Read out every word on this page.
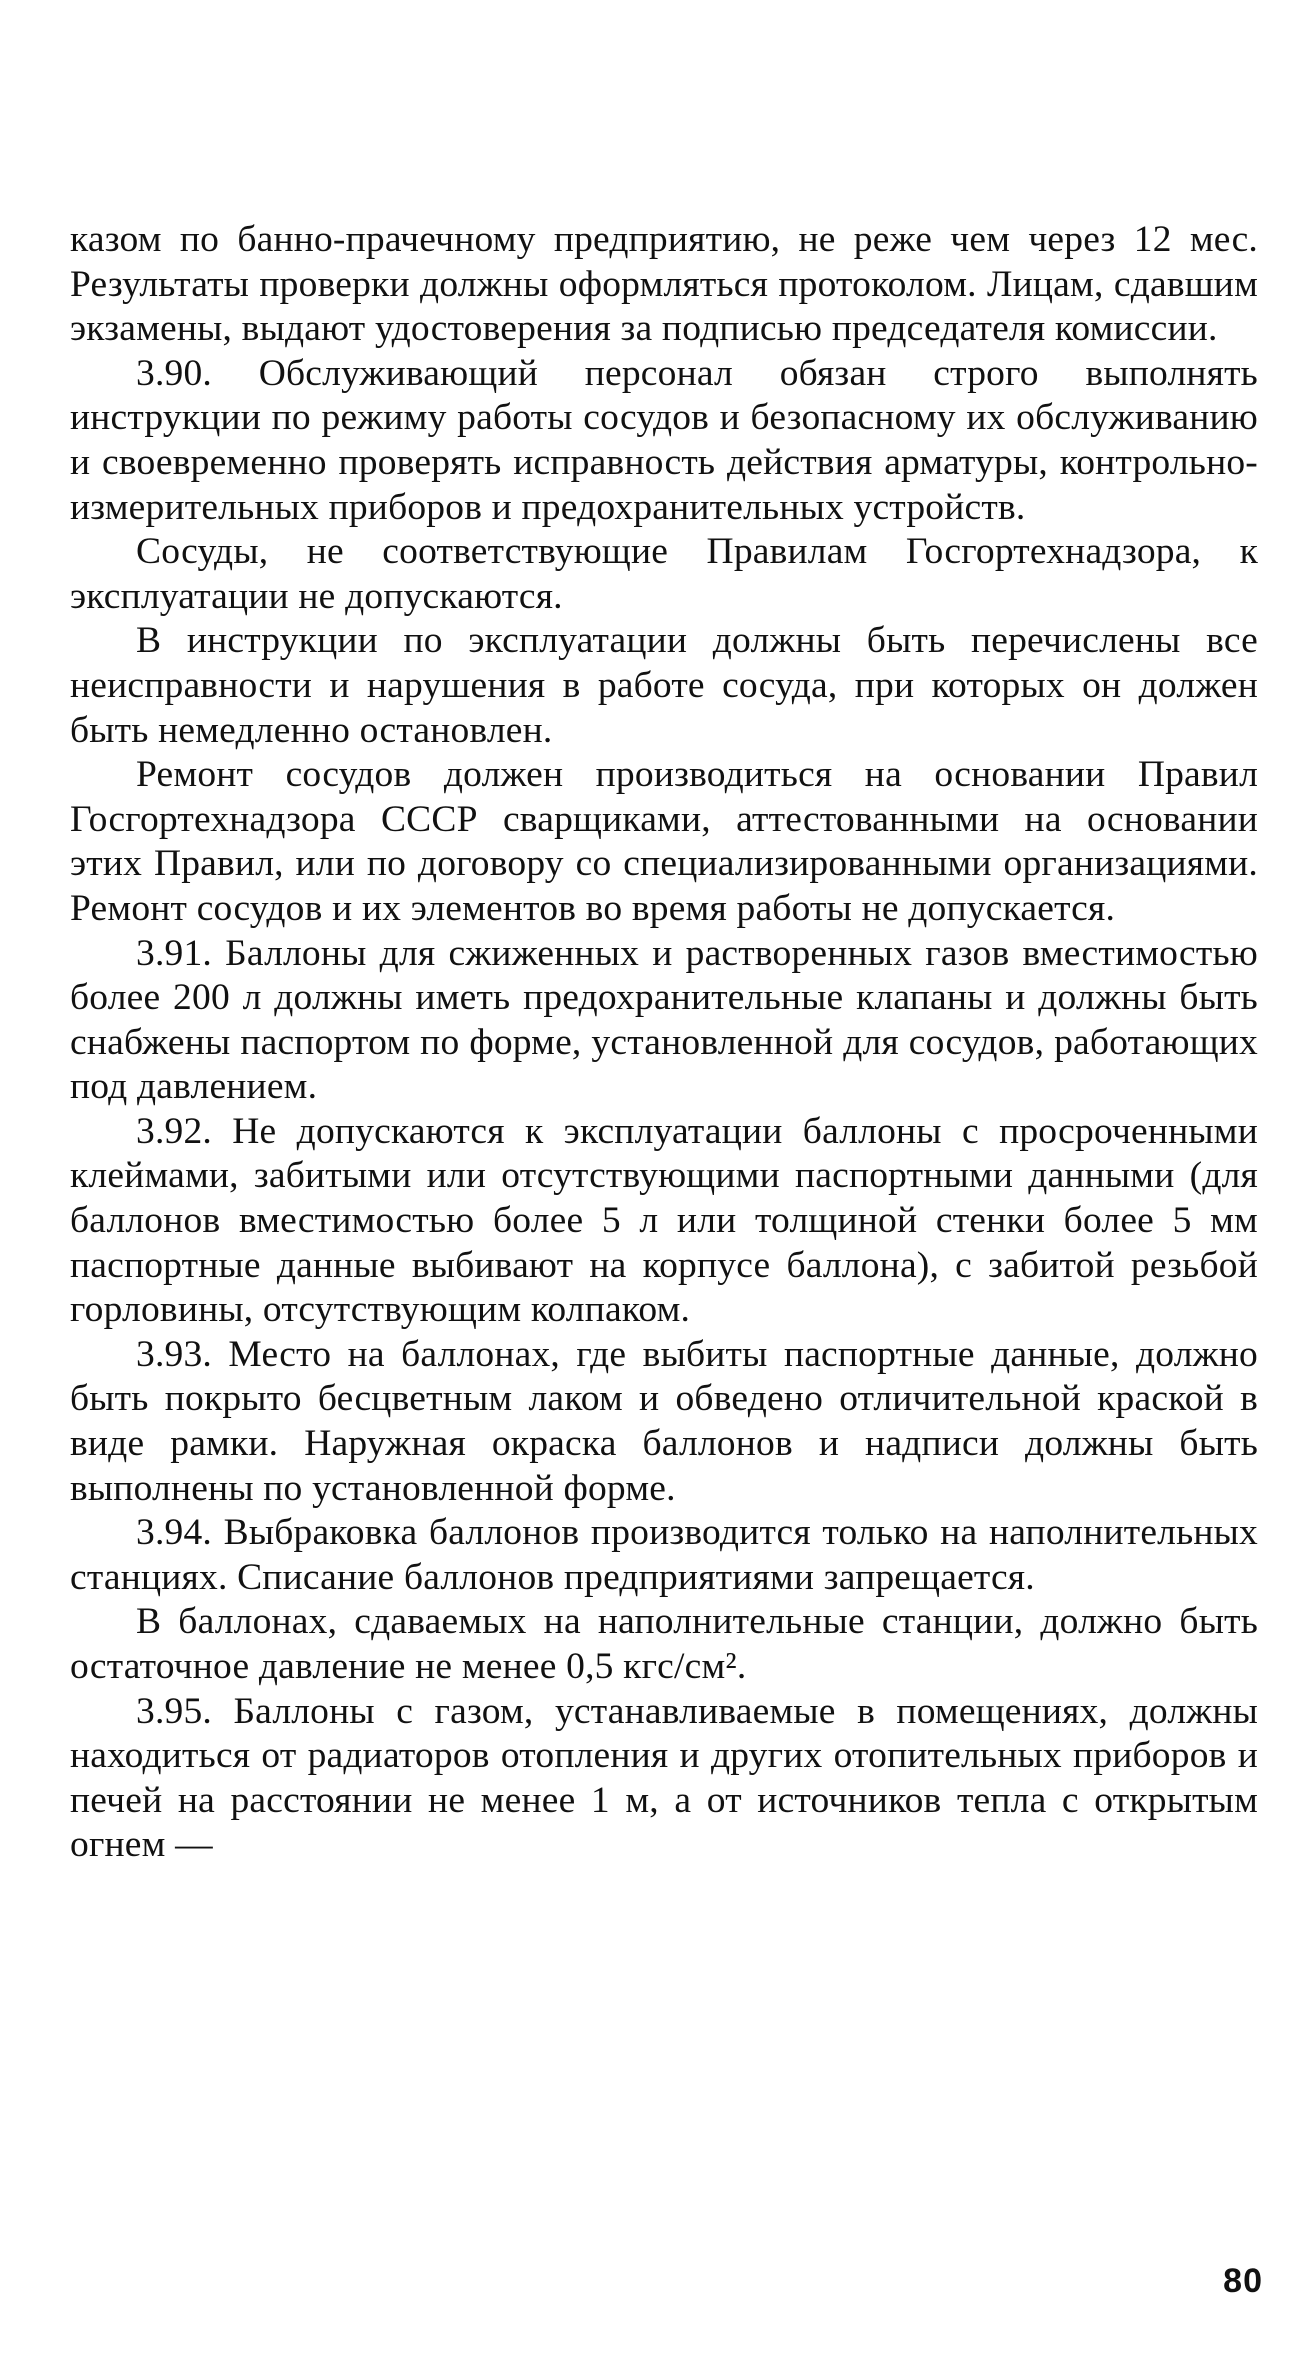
казом по банно-прачечному предприятию, не реже чем через 12 мес. Результаты проверки должны оформляться протоколом. Лицам, сдавшим экзамены, выдают удостоверения за подписью председателя комиссии.

3.90. Обслуживающий персонал обязан строго выполнять инструкции по режиму работы сосудов и безопасному их обслуживанию и своевременно проверять исправность действия арматуры, контрольно-измерительных приборов и предохранительных устройств.

Сосуды, не соответствующие Правилам Госгортехнадзора, к эксплуатации не допускаются.

В инструкции по эксплуатации должны быть перечислены все неисправности и нарушения в работе сосуда, при которых он должен быть немедленно остановлен.

Ремонт сосудов должен производиться на основании Правил Госгортехнадзора СССР сварщиками, аттестованными на основании этих Правил, или по договору со специализированными организациями. Ремонт сосудов и их элементов во время работы не допускается.

3.91. Баллоны для сжиженных и растворенных газов вместимостью более 200 л должны иметь предохранительные клапаны и должны быть снабжены паспортом по форме, установленной для сосудов, работающих под давлением.

3.92. Не допускаются к эксплуатации баллоны с просроченными клеймами, забитыми или отсутствующими паспортными данными (для баллонов вместимостью более 5 л или толщиной стенки более 5 мм паспортные данные выбивают на корпусе баллона), с забитой резьбой горловины, отсутствующим колпаком.

3.93. Место на баллонах, где выбиты паспортные данные, должно быть покрыто бесцветным лаком и обведено отличительной краской в виде рамки. Наружная окраска баллонов и надписи должны быть выполнены по установленной форме.

3.94. Выбраковка баллонов производится только на наполнительных станциях. Списание баллонов предприятиями запрещается.

В баллонах, сдаваемых на наполнительные станции, должно быть остаточное давление не менее 0,5 кгс/см².

3.95. Баллоны с газом, устанавливаемые в помещениях, должны находиться от радиаторов отопления и других отопительных приборов и печей на расстоянии не менее 1 м, а от источников тепла с открытым огнем —

80
